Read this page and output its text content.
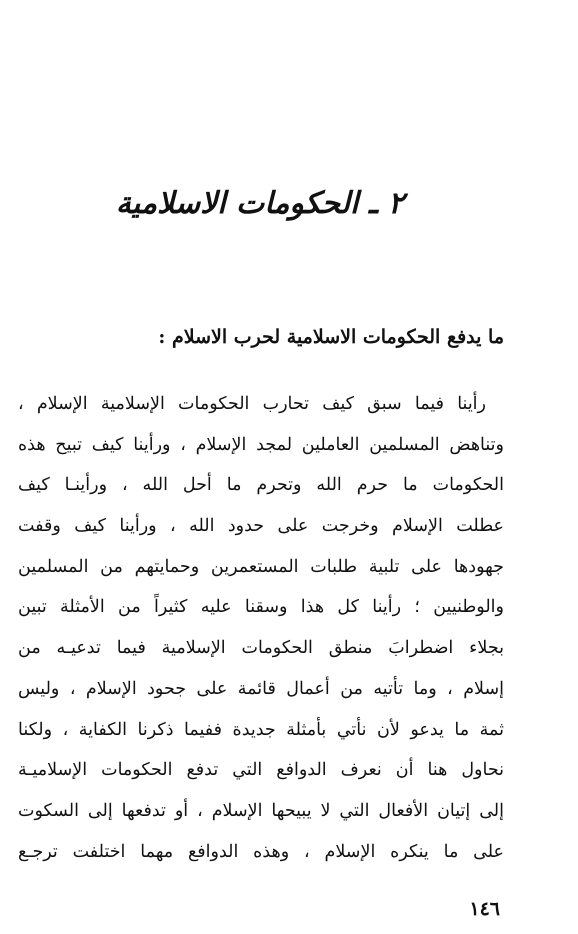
٢ ـ الحكومات الاسلامية
ما يدفع الحكومات الاسلامية لحرب الاسلام :
رأينا فيما سبق كيف تحارب الحكومات الإسلامية الإسلام ،
وتناهض المسلمين العاملين لمجد الإسلام ، ورأينا كيف تبيح هذه
الحكومات ما حرم الله وتحرم ما أحل الله ، ورأينـا كيف
عطلت الإسلام وخرجت على حدود الله ، ورأينا كيف وقفت
جهودها على تلبية طلبات المستعمرين وحمايتهم من المسلمين
والوطنيين ؛ رأينا كل هذا وسقنا عليه كثيراً من الأمثلة تبين
بجلاء اضطرابَ منطق الحكومات الإسلامية فيما تدعيـه من
إسلام ، وما تأتيه من أعمال قائمة على جحود الإسلام ، وليس
ثمة ما يدعو لأن نأتي بأمثلة جديدة ففيما ذكرنا الكفاية ، ولكنا
نحاول هنا أن نعرف الدوافع التي تدفع الحكومات الإسلاميـة
إلى إتيان الأفعال التي لا يبيحها الإسلام ، أو تدفعها إلى السكوت
على ما ينكره الإسلام ، وهذه الدوافع مهما اختلفت ترجـع
١٤٦
